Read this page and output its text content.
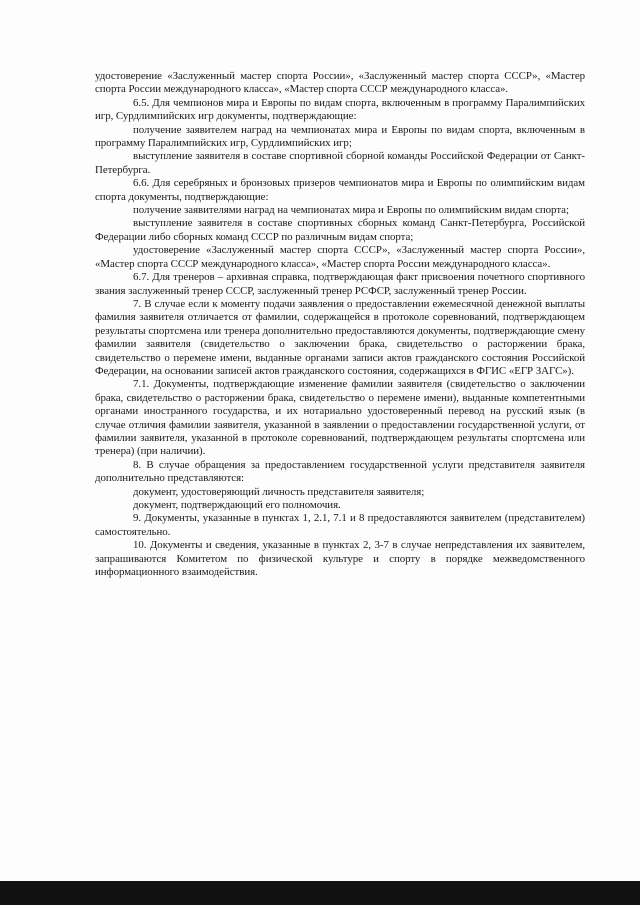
удостоверение «Заслуженный мастер спорта России», «Заслуженный мастер спорта СССР», «Мастер спорта России международного класса», «Мастер спорта СССР международного класса».

6.5. Для чемпионов мира и Европы по видам спорта, включенным в программу Паралимпийских игр, Сурдлимпийских игр документы, подтверждающие:

получение заявителем наград на чемпионатах мира и Европы по видам спорта, включенным в программу Паралимпийских игр, Сурдлимпийских игр;

выступление заявителя в составе спортивной сборной команды Российской Федерации от Санкт-Петербурга.

6.6. Для серебряных и бронзовых призеров чемпионатов мира и Европы по олимпийским видам спорта документы, подтверждающие:

получение заявителями наград на чемпионатах мира и Европы по олимпийским видам спорта;

выступление заявителя в составе спортивных сборных команд Санкт-Петербурга, Российской Федерации либо сборных команд СССР по различным видам спорта;

удостоверение «Заслуженный мастер спорта СССР», «Заслуженный мастер спорта России», «Мастер спорта СССР международного класса», «Мастер спорта России международного класса».

6.7. Для тренеров – архивная справка, подтверждающая факт присвоения почетного спортивного звания заслуженный тренер СССР, заслуженный тренер РСФСР, заслуженный тренер России.

7. В случае если к моменту подачи заявления о предоставлении ежемесячной денежной выплаты фамилия заявителя отличается от фамилии, содержащейся в протоколе соревнований, подтверждающем результаты спортсмена или тренера дополнительно предоставляются документы, подтверждающие смену фамилии заявителя (свидетельство о заключении брака, свидетельство о расторжении брака, свидетельство о перемене имени, выданные органами записи актов гражданского состояния Российской Федерации, на основании записей актов гражданского состояния, содержащихся в ФГИС «ЕГР ЗАГС»).

7.1. Документы, подтверждающие изменение фамилии заявителя (свидетельство о заключении брака, свидетельство о расторжении брака, свидетельство о перемене имени), выданные компетентными органами иностранного государства, и их нотариально удостоверенный перевод на русский язык (в случае отличия фамилии заявителя, указанной в заявлении о предоставлении государственной услуги, от фамилии заявителя, указанной в протоколе соревнований, подтверждающем результаты спортсмена или тренера) (при наличии).

8. В случае обращения за предоставлением государственной услуги представителя заявителя дополнительно представляются:

документ, удостоверяющий личность представителя заявителя;

документ, подтверждающий его полномочия.

9. Документы, указанные в пунктах 1, 2.1, 7.1 и 8 предоставляются заявителем (представителем) самостоятельно.

10. Документы и сведения, указанные в пунктах 2, 3-7 в случае непредставления их заявителем, запрашиваются Комитетом по физической культуре и спорту в порядке межведомственного информационного взаимодействия.
